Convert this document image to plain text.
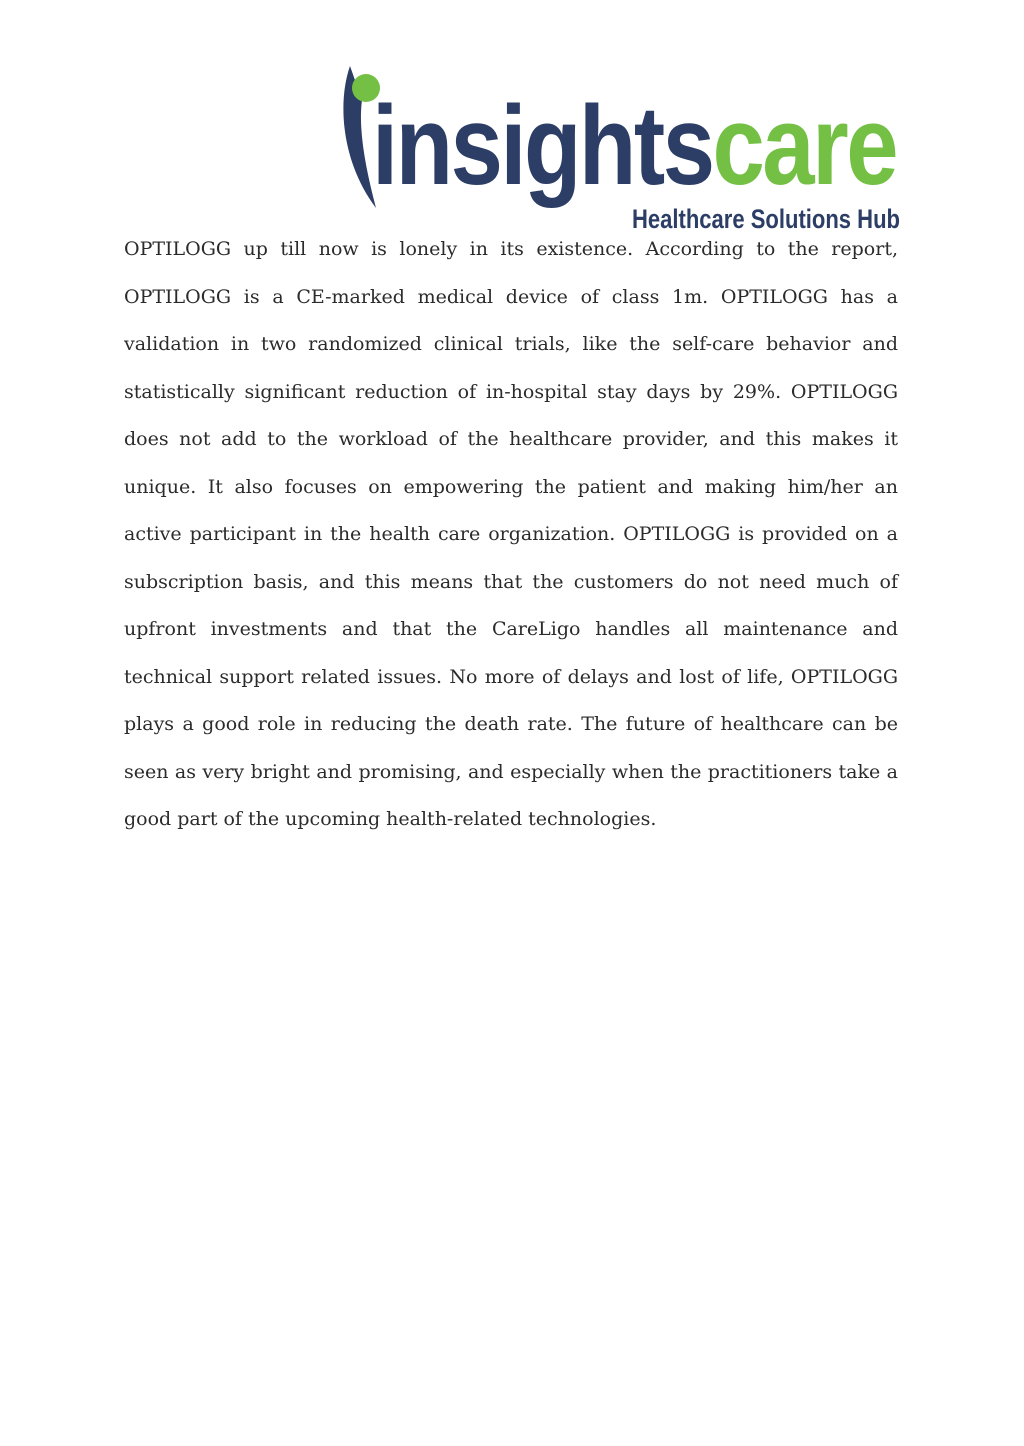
insightscare
Healthcare Solutions Hub

OPTILOGG up till now is lonely in its existence. According to the report, OPTILOGG is a CE-marked medical device of class 1m. OPTILOGG has a validation in two randomized clinical trials, like the self-care behavior and statistically significant reduction of in-hospital stay days by 29%. OPTILOGG does not add to the workload of the healthcare provider, and this makes it unique. It also focuses on empowering the patient and making him/her an active participant in the health care organization. OPTILOGG is provided on a subscription basis, and this means that the customers do not need much of upfront investments and that the CareLigo handles all maintenance and technical support related issues. No more of delays and lost of life, OPTILOGG plays a good role in reducing the death rate. The future of healthcare can be seen as very bright and promising, and especially when the practitioners take a good part of the upcoming health-related technologies.
